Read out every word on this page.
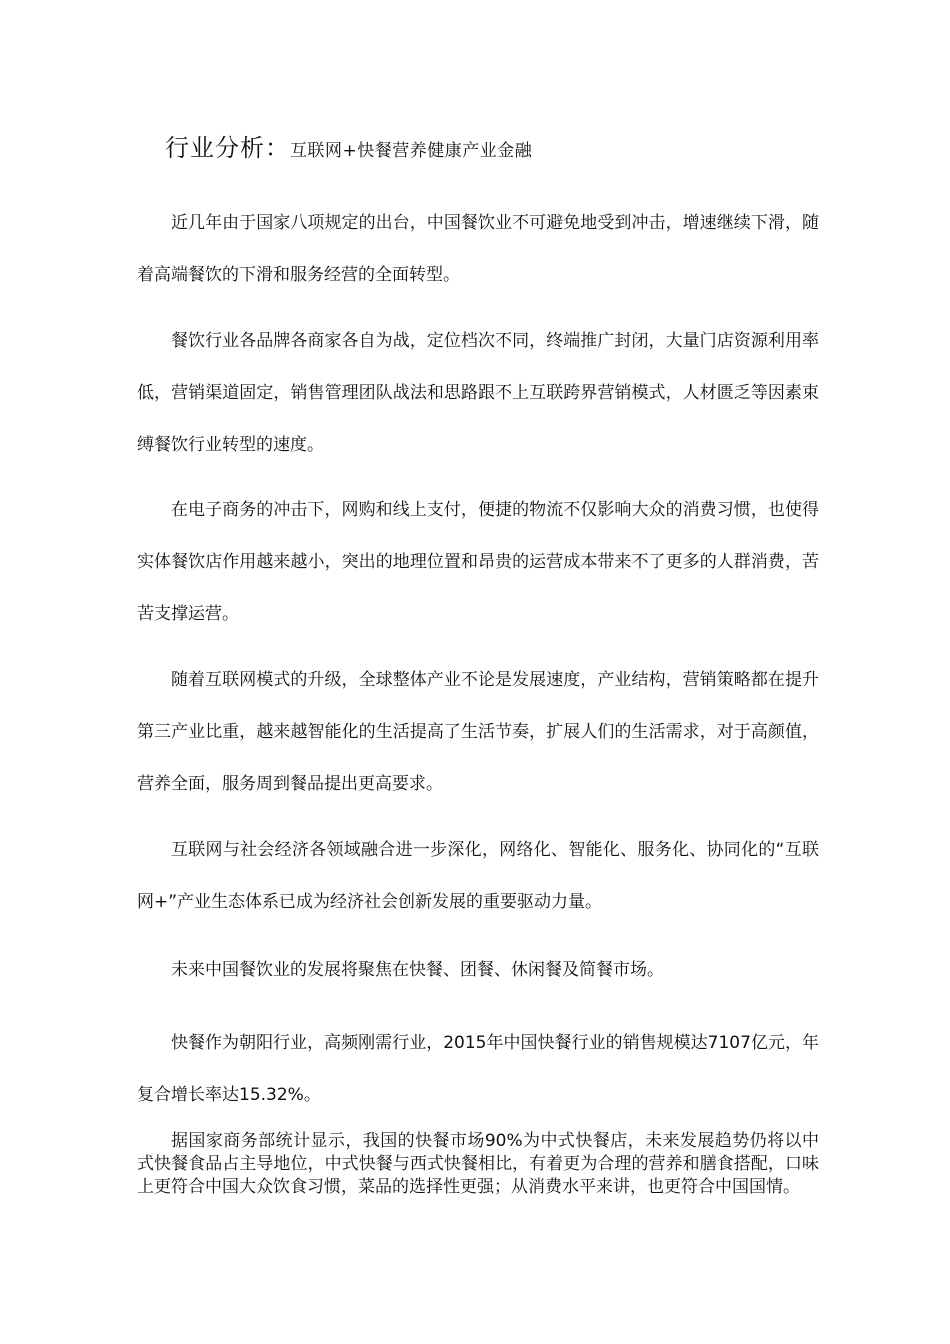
行业分析：互联网+快餐营养健康产业金融

近几年由于国家八项规定的出台，中国餐饮业不可避免地受到冲击，增速继续下滑，随着高端餐饮的下滑和服务经营的全面转型。

餐饮行业各品牌各商家各自为战，定位档次不同，终端推广封闭，大量门店资源利用率低，营销渠道固定，销售管理团队战法和思路跟不上互联跨界营销模式，人材匮乏等因素束缚餐饮行业转型的速度。

在电子商务的冲击下，网购和线上支付，便捷的物流不仅影响大众的消费习惯，也使得实体餐饮店作用越来越小，突出的地理位置和昂贵的运营成本带来不了更多的人群消费，苦苦支撑运营。

随着互联网模式的升级，全球整体产业不论是发展速度，产业结构，营销策略都在提升第三产业比重，越来越智能化的生活提高了生活节奏，扩展人们的生活需求，对于高颜值，营养全面，服务周到餐品提出更高要求。

互联网与社会经济各领域融合进一步深化，网络化、智能化、服务化、协同化的“互联网+”产业生态体系已成为经济社会创新发展的重要驱动力量。

未来中国餐饮业的发展将聚焦在快餐、团餐、休闲餐及简餐市场。

快餐作为朝阳行业，高频刚需行业，2015年中国快餐行业的销售规模达7107亿元，年复合增长率达15.32%。

据国家商务部统计显示，我国的快餐市场90%为中式快餐店，未来发展趋势仍将以中式快餐食品占主导地位，中式快餐与西式快餐相比，有着更为合理的营养和膳食搭配，口味上更符合中国大众饮食习惯，菜品的选择性更强；从消费水平来讲，也更符合中国国情。
